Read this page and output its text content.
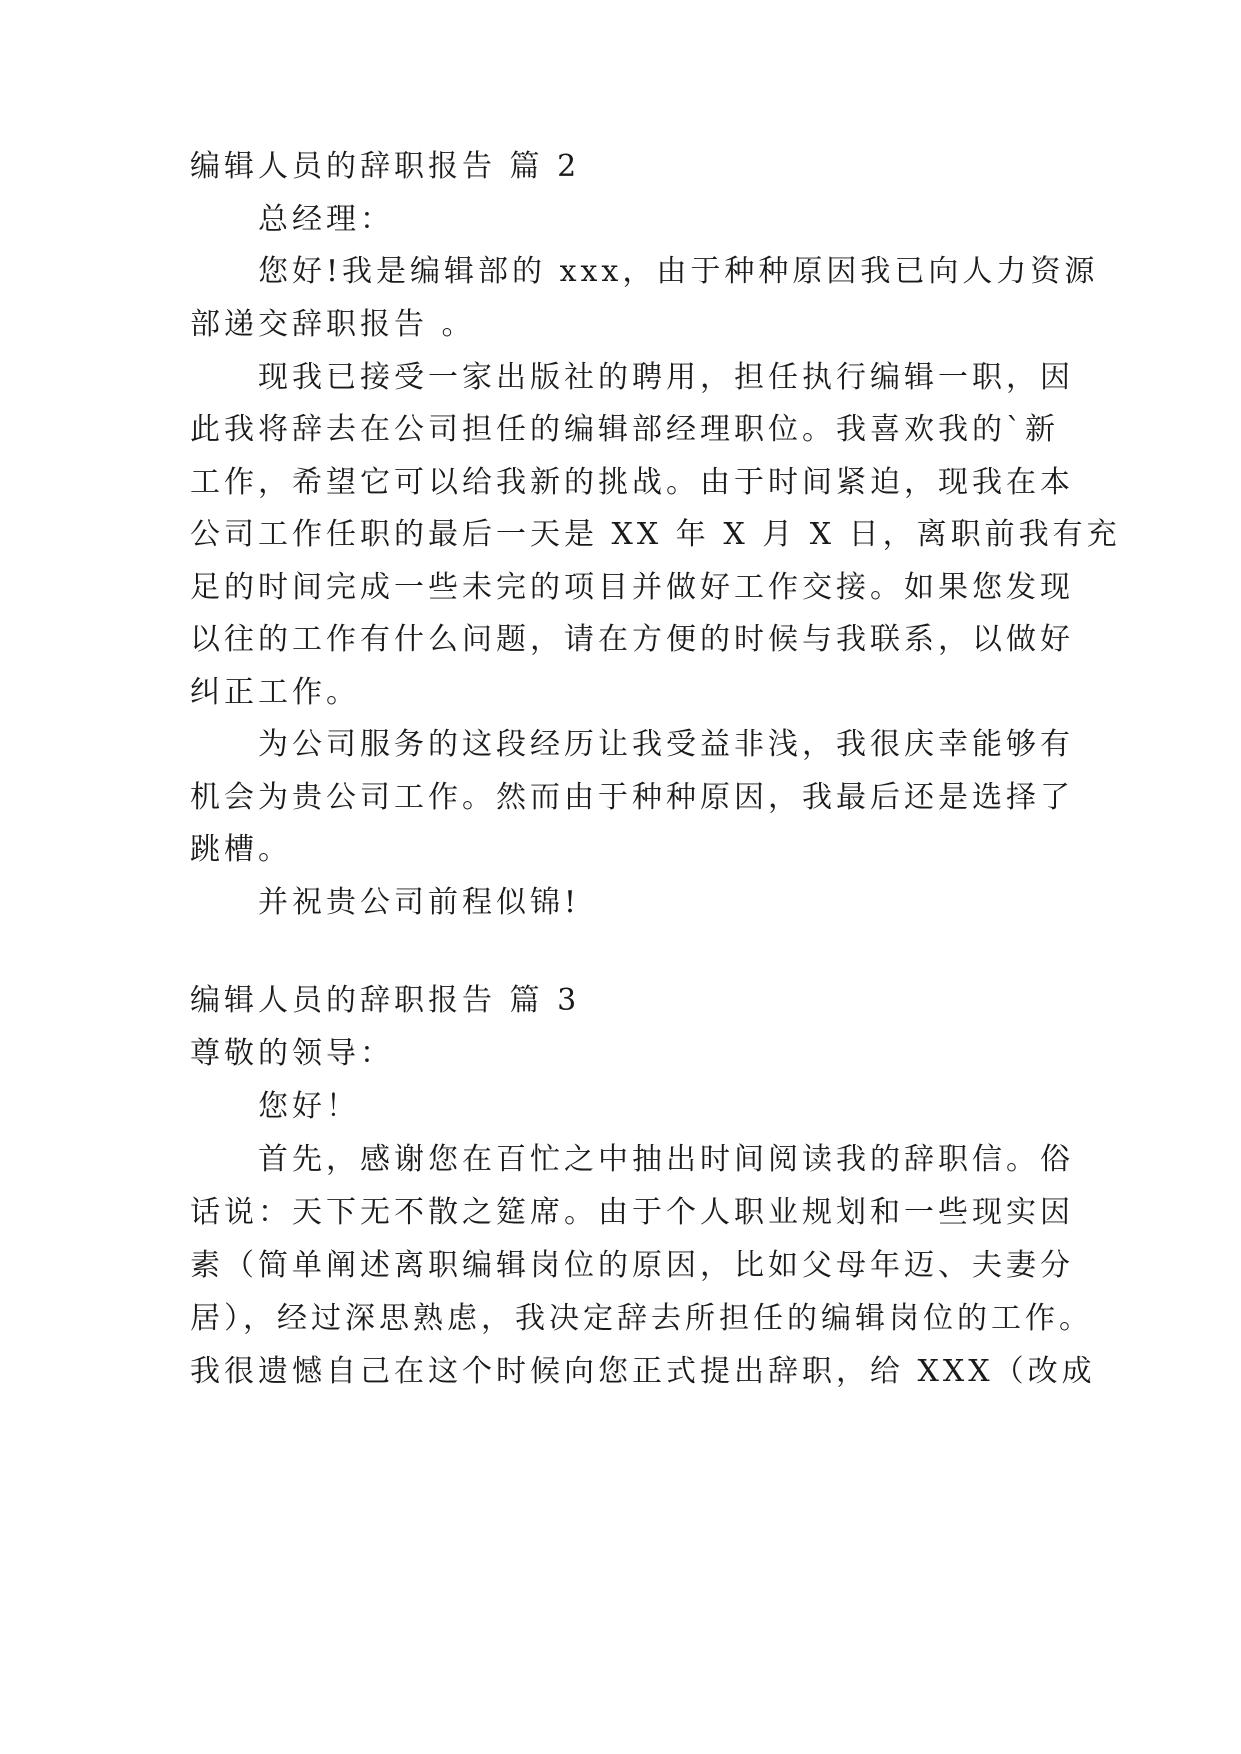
编辑人员的辞职报告 篇 2
总经理：
您好!我是编辑部的 xxx，由于种种原因我已向人力资源
部递交辞职报告 。
现我已接受一家出版社的聘用，担任执行编辑一职，因
此我将辞去在公司担任的编辑部经理职位。我喜欢我的`新
工作，希望它可以给我新的挑战。由于时间紧迫，现我在本
公司工作任职的最后一天是 XX 年 X 月 X 日，离职前我有充
足的时间完成一些未完的项目并做好工作交接。如果您发现
以往的工作有什么问题，请在方便的时候与我联系，以做好
纠正工作。
为公司服务的这段经历让我受益非浅，我很庆幸能够有
机会为贵公司工作。然而由于种种原因，我最后还是选择了
跳槽。
并祝贵公司前程似锦!
编辑人员的辞职报告 篇 3
尊敬的领导：
您好！
首先，感谢您在百忙之中抽出时间阅读我的辞职信。俗
话说：天下无不散之筵席。由于个人职业规划和一些现实因
素（简单阐述离职编辑岗位的原因，比如父母年迈、夫妻分
居），经过深思熟虑，我决定辞去所担任的编辑岗位的工作。
我很遗憾自己在这个时候向您正式提出辞职，给 XXX（改成
